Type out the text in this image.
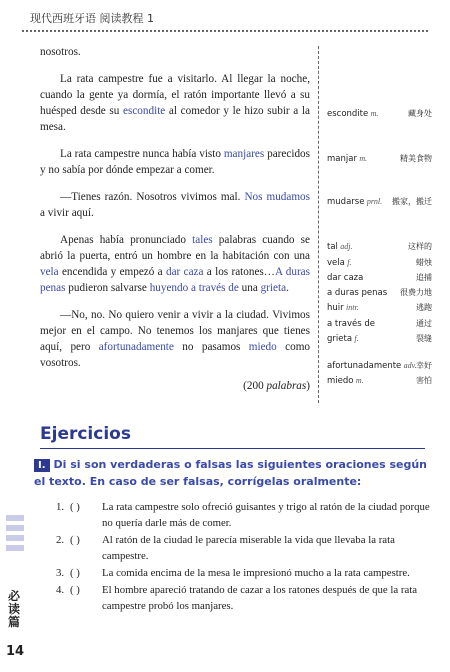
现代西班牙语 阅读教程 1

nosotros.

La rata campestre fue a visitarlo. Al llegar la noche, cuando la gente ya dormía, el ratón importante llevó a su huésped desde su escondite al comedor y le hizo subir a la mesa.

La rata campestre nunca había visto manjares parecidos y no sabía por dónde empezar a comer.

—Tienes razón. Nosotros vivimos mal. Nos mudamos a vivir aquí.

Apenas había pronunciado tales palabras cuando se abrió la puerta, entró un hombre en la habitación con una vela encendida y empezó a dar caza a los ratones…A duras penas pudieron salvarse huyendo a través de una grieta.

—No, no. No quiero venir a vivir a la ciudad. Vivimos mejor en el campo. No tenemos los manjares que tienes aquí, pero afortunadamente no pasamos miedo como vosotros.

(200 palabras)
escondite m.	藏身处
manjar m.	精美食物
mudarse prnl. 搬家，搬迁
tal adj.	这样的
vela f.	蜡烛
dar caza	追捕
a duras penas 很费力地
huir intr.	逃跑
a través de	通过
grieta f.	裂缝
afortunadamente adv. 幸好
miedo m.	害怕
Ejercicios
I. Di si son verdaderas o falsas las siguientes oraciones según el texto. En caso de ser falsas, corrígelas oralmente:
1. ( ) La rata campestre solo ofreció guisantes y trigo al ratón de la ciudad porque no quería darle más de comer.
2. ( ) Al ratón de la ciudad le parecía miserable la vida que llevaba la rata campestre.
3. ( ) La comida encima de la mesa le impresionó mucho a la rata campestre.
4. ( ) El hombre apareció tratando de cazar a los ratones después de que la rata campestre probó los manjares.
必读篇
14
